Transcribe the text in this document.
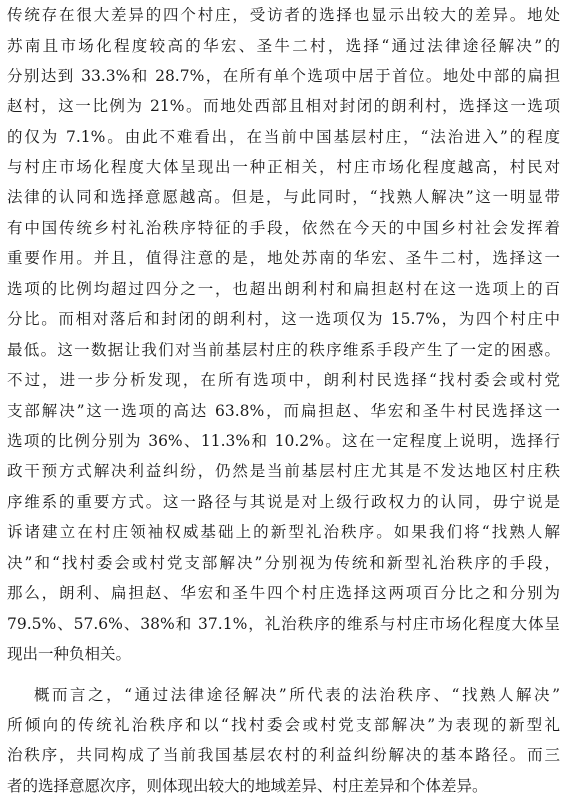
传统存在很大差异的四个村庄，受访者的选择也显示出较大的差异。地处
苏南且市场化程度较高的华宏、圣牛二村，选择“通过法律途径解决”的
分别达到 33.3%和 28.7%，在所有单个选项中居于首位。地处中部的扁担
赵村，这一比例为 21%。而地处西部且相对封闭的朗利村，选择这一选项
的仅为 7.1%。由此不难看出，在当前中国基层村庄，“法治进入”的程度
与村庄市场化程度大体呈现出一种正相关，村庄市场化程度越高，村民对
法律的认同和选择意愿越高。但是，与此同时，“找熟人解决”这一明显带
有中国传统乡村礼治秩序特征的手段，依然在今天的中国乡村社会发挥着
重要作用。并且，值得注意的是，地处苏南的华宏、圣牛二村，选择这一
选项的比例均超过四分之一，也超出朗利村和扁担赵村在这一选项上的百
分比。而相对落后和封闭的朗利村，这一选项仅为 15.7%，为四个村庄中
最低。这一数据让我们对当前基层村庄的秩序维系手段产生了一定的困惑。
不过，进一步分析发现，在所有选项中，朗利村民选择“找村委会或村党
支部解决”这一选项的高达 63.8%，而扁担赵、华宏和圣牛村民选择这一
选项的比例分别为 36%、11.3%和 10.2%。这在一定程度上说明，选择行
政干预方式解决利益纠纷，仍然是当前基层村庄尤其是不发达地区村庄秩
序维系的重要方式。这一路径与其说是对上级行政权力的认同，毋宁说是
诉诸建立在村庄领袖权威基础上的新型礼治秩序。如果我们将“找熟人解
决”和“找村委会或村党支部解决”分别视为传统和新型礼治秩序的手段，
那么，朗利、扁担赵、华宏和圣牛四个村庄选择这两项百分比之和分别为
79.5%、57.6%、38%和 37.1%，礼治秩序的维系与村庄市场化程度大体呈
现出一种负相关。
概而言之，“通过法律途径解决”所代表的法治秩序、“找熟人解决”
所倾向的传统礼治秩序和以“找村委会或村党支部解决”为表现的新型礼
治秩序，共同构成了当前我国基层农村的利益纠纷解决的基本路径。而三
者的选择意愿次序，则体现出较大的地域差异、村庄差异和个体差异。
